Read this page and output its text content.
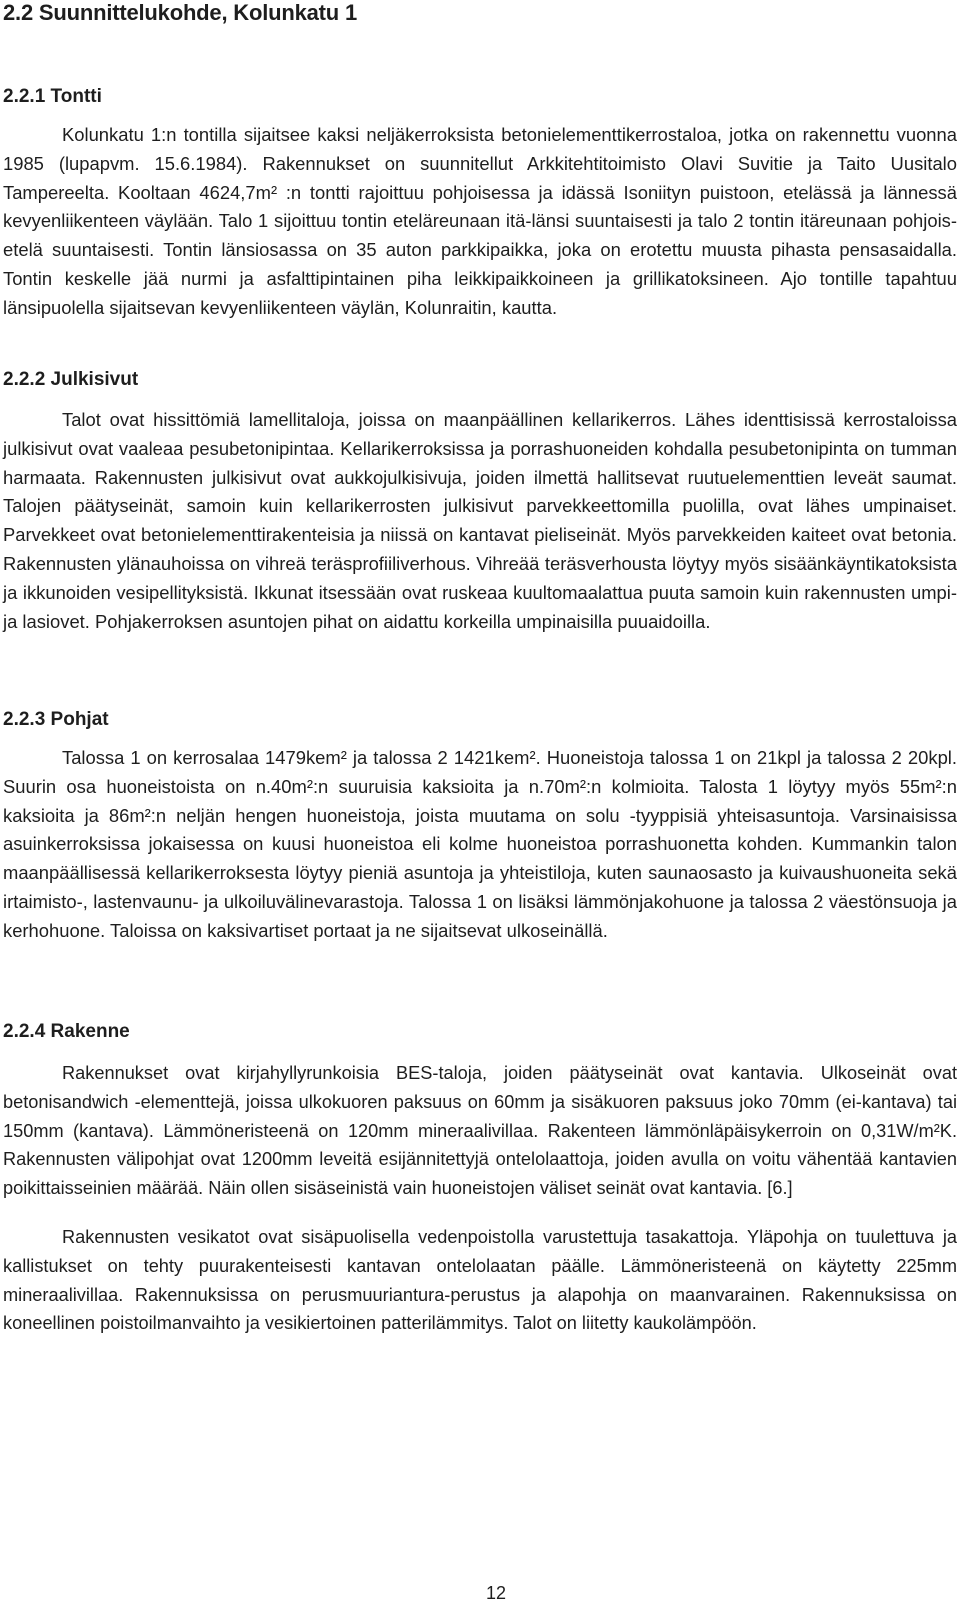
2.2 Suunnittelukohde, Kolunkatu 1
2.2.1 Tontti

Kolunkatu 1:n tontilla sijaitsee kaksi neljäkerroksista betonielementtikerrostaloa, jotka on rakennettu vuonna 1985 (lupapvm. 15.6.1984). Rakennukset on suunnitellut Arkkitehtitoimisto Olavi Suvitie ja Taito Uusitalo Tampereelta. Kooltaan 4624,7m² :n tontti rajoittuu pohjoisessa ja idässä Isoniityn puistoon, etelässä ja lännessä kevyenliikenteen väylään. Talo 1 sijoittuu tontin eteläreunaan itä-länsi suuntaisesti ja talo 2 tontin itäreunaan pohjois-etelä suuntaisesti. Tontin länsiosassa on 35 auton parkkipaikka, joka on erotettu muusta pihasta pensasaidalla. Tontin keskelle jää nurmi ja asfalttipintainen piha leikkipaikkoineen ja grillikatoksineen. Ajo tontille tapahtuu länsipuolella sijaitsevan kevyenliikenteen väylän, Kolunraitin, kautta.

2.2.2 Julkisivut

Talot ovat hissittömiä lamellitaloja, joissa on maanpäällinen kellarikerros. Lähes identtisissä kerrostaloissa julkisivut ovat vaaleaa pesubetonipintaa. Kellarikerroksissa ja porrashuoneiden kohdalla pesubetonipinta on tumman harmaata. Rakennusten julkisivut ovat aukkojulkisivuja, joiden ilmettä hallitsevat ruutuelementtien leveät saumat. Talojen päätyseinät, samoin kuin kellarikerrosten julkisivut parvekkeettomilla puolilla, ovat lähes umpinaiset. Parvekkeet ovat betonielementtirakenteisia ja niissä on kantavat pieliseinät. Myös parvekkeiden kaiteet ovat betonia. Rakennusten ylänauhoissa on vihreä teräsprofiiliverhous. Vihreää teräsverhousta löytyy myös sisäänkäyntikatoksista ja ikkunoiden vesipellityksistä. Ikkunat itsessään ovat ruskeaa kuultomaalattua puuta samoin kuin rakennusten umpi- ja lasiovet. Pohjakerroksen asuntojen pihat on aidattu korkeilla umpinaisilla puuaidoilla.

2.2.3 Pohjat

Talossa 1 on kerrosalaa 1479kem² ja talossa 2 1421kem². Huoneistoja talossa 1 on 21kpl ja talossa 2 20kpl. Suurin osa huoneistoista on n.40m²:n suuruisia kaksioita ja n.70m²:n kolmioita. Talosta 1 löytyy myös 55m²:n kaksioita ja 86m²:n neljän hengen huoneistoja, joista muutama on solu -tyyppisiä yhteisasuntoja. Varsinaisissa asuinkerroksissa jokaisessa on kuusi huoneistoa eli kolme huoneistoa porrashuonetta kohden. Kummankin talon maanpäällisessä kellarikerroksesta löytyy pieniä asuntoja ja yhteistiloja, kuten saunaosasto ja kuivaushuoneita sekä irtaimisto-, lastenvaunu- ja ulkoiluvälinevarastoja. Talossa 1 on lisäksi lämmönjakohuone ja talossa 2 väestönsuoja ja kerhohuone. Taloissa on kaksivartiset portaat ja ne sijaitsevat ulkoseinällä.

2.2.4 Rakenne

Rakennukset ovat kirjahyllyrunkoisia BES-taloja, joiden päätyseinät ovat kantavia. Ulkoseinät ovat betonisandwich -elementtejä, joissa ulkokuoren paksuus on 60mm ja sisäkuoren paksuus joko 70mm (ei-kantava) tai 150mm (kantava). Lämmöneristeenä on 120mm mineraalivillaa. Rakenteen lämmönläpäisykerroin on 0,31W/m²K. Rakennusten välipohjat ovat 1200mm leveitä esijännitettyjä ontelolaattoja, joiden avulla on voitu vähentää kantavien poikittaisseinien määrää. Näin ollen sisäseinistä vain huoneistojen väliset seinät ovat kantavia. [6.]

Rakennusten vesikatot ovat sisäpuolisella vedenpoistolla varustettuja tasakattoja. Yläpohja on tuulettuva ja kallistukset on tehty puurakenteisesti kantavan ontelolaatan päälle. Lämmöneristeenä on käytetty 225mm mineraalivillaa. Rakennuksissa on perusmuuriantura-perustus ja alapohja on maanvarainen. Rakennuksissa on koneellinen poistoilmanvaihto ja vesikiertoinen patterilämmitys. Talot on liitetty kaukolämpöön.

12
